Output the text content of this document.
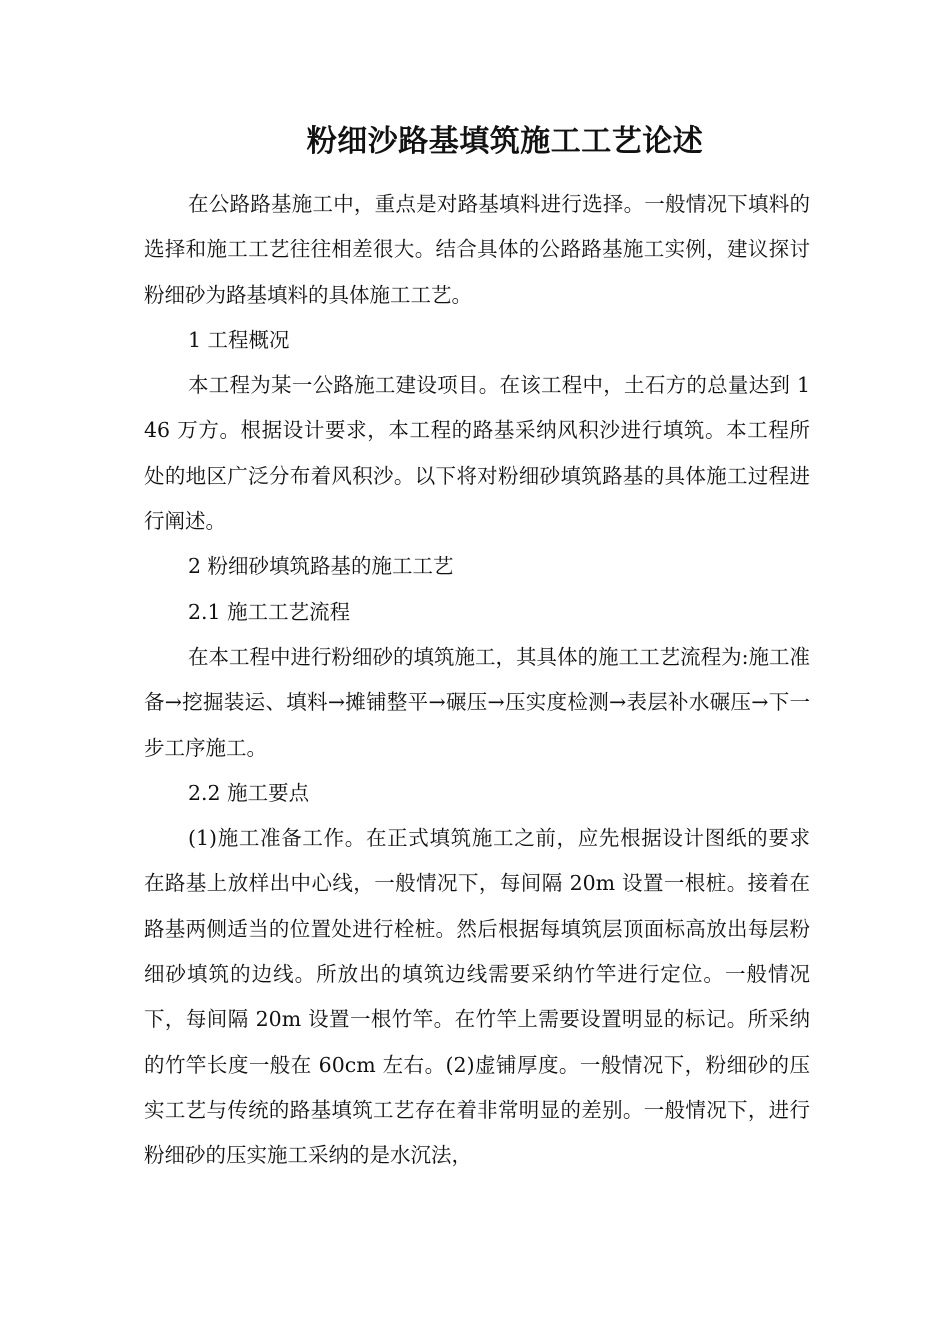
粉细沙路基填筑施工工艺论述

在公路路基施工中，重点是对路基填料进行选择。一般情况下填料的选择和施工工艺往往相差很大。结合具体的公路路基施工实例，建议探讨粉细砂为路基填料的具体施工工艺。

1 工程概况

本工程为某一公路施工建设项目。在该工程中，土石方的总量达到 146 万方。根据设计要求，本工程的路基采纳风积沙进行填筑。本工程所处的地区广泛分布着风积沙。以下将对粉细砂填筑路基的具体施工过程进行阐述。

2 粉细砂填筑路基的施工工艺

2.1 施工工艺流程

在本工程中进行粉细砂的填筑施工，其具体的施工工艺流程为:施工准备→挖掘装运、填料→摊铺整平→碾压→压实度检测→表层补水碾压→下一步工序施工。

2.2 施工要点

(1)施工准备工作。在正式填筑施工之前，应先根据设计图纸的要求在路基上放样出中心线，一般情况下，每间隔 20m 设置一根桩。接着在路基两侧适当的位置处进行栓桩。然后根据每填筑层顶面标高放出每层粉细砂填筑的边线。所放出的填筑边线需要采纳竹竿进行定位。一般情况下，每间隔 20m 设置一根竹竿。在竹竿上需要设置明显的标记。所采纳的竹竿长度一般在 60cm 左右。(2)虚铺厚度。一般情况下，粉细砂的压实工艺与传统的路基填筑工艺存在着非常明显的差别。一般情况下，进行粉细砂的压实施工采纳的是水沉法，
